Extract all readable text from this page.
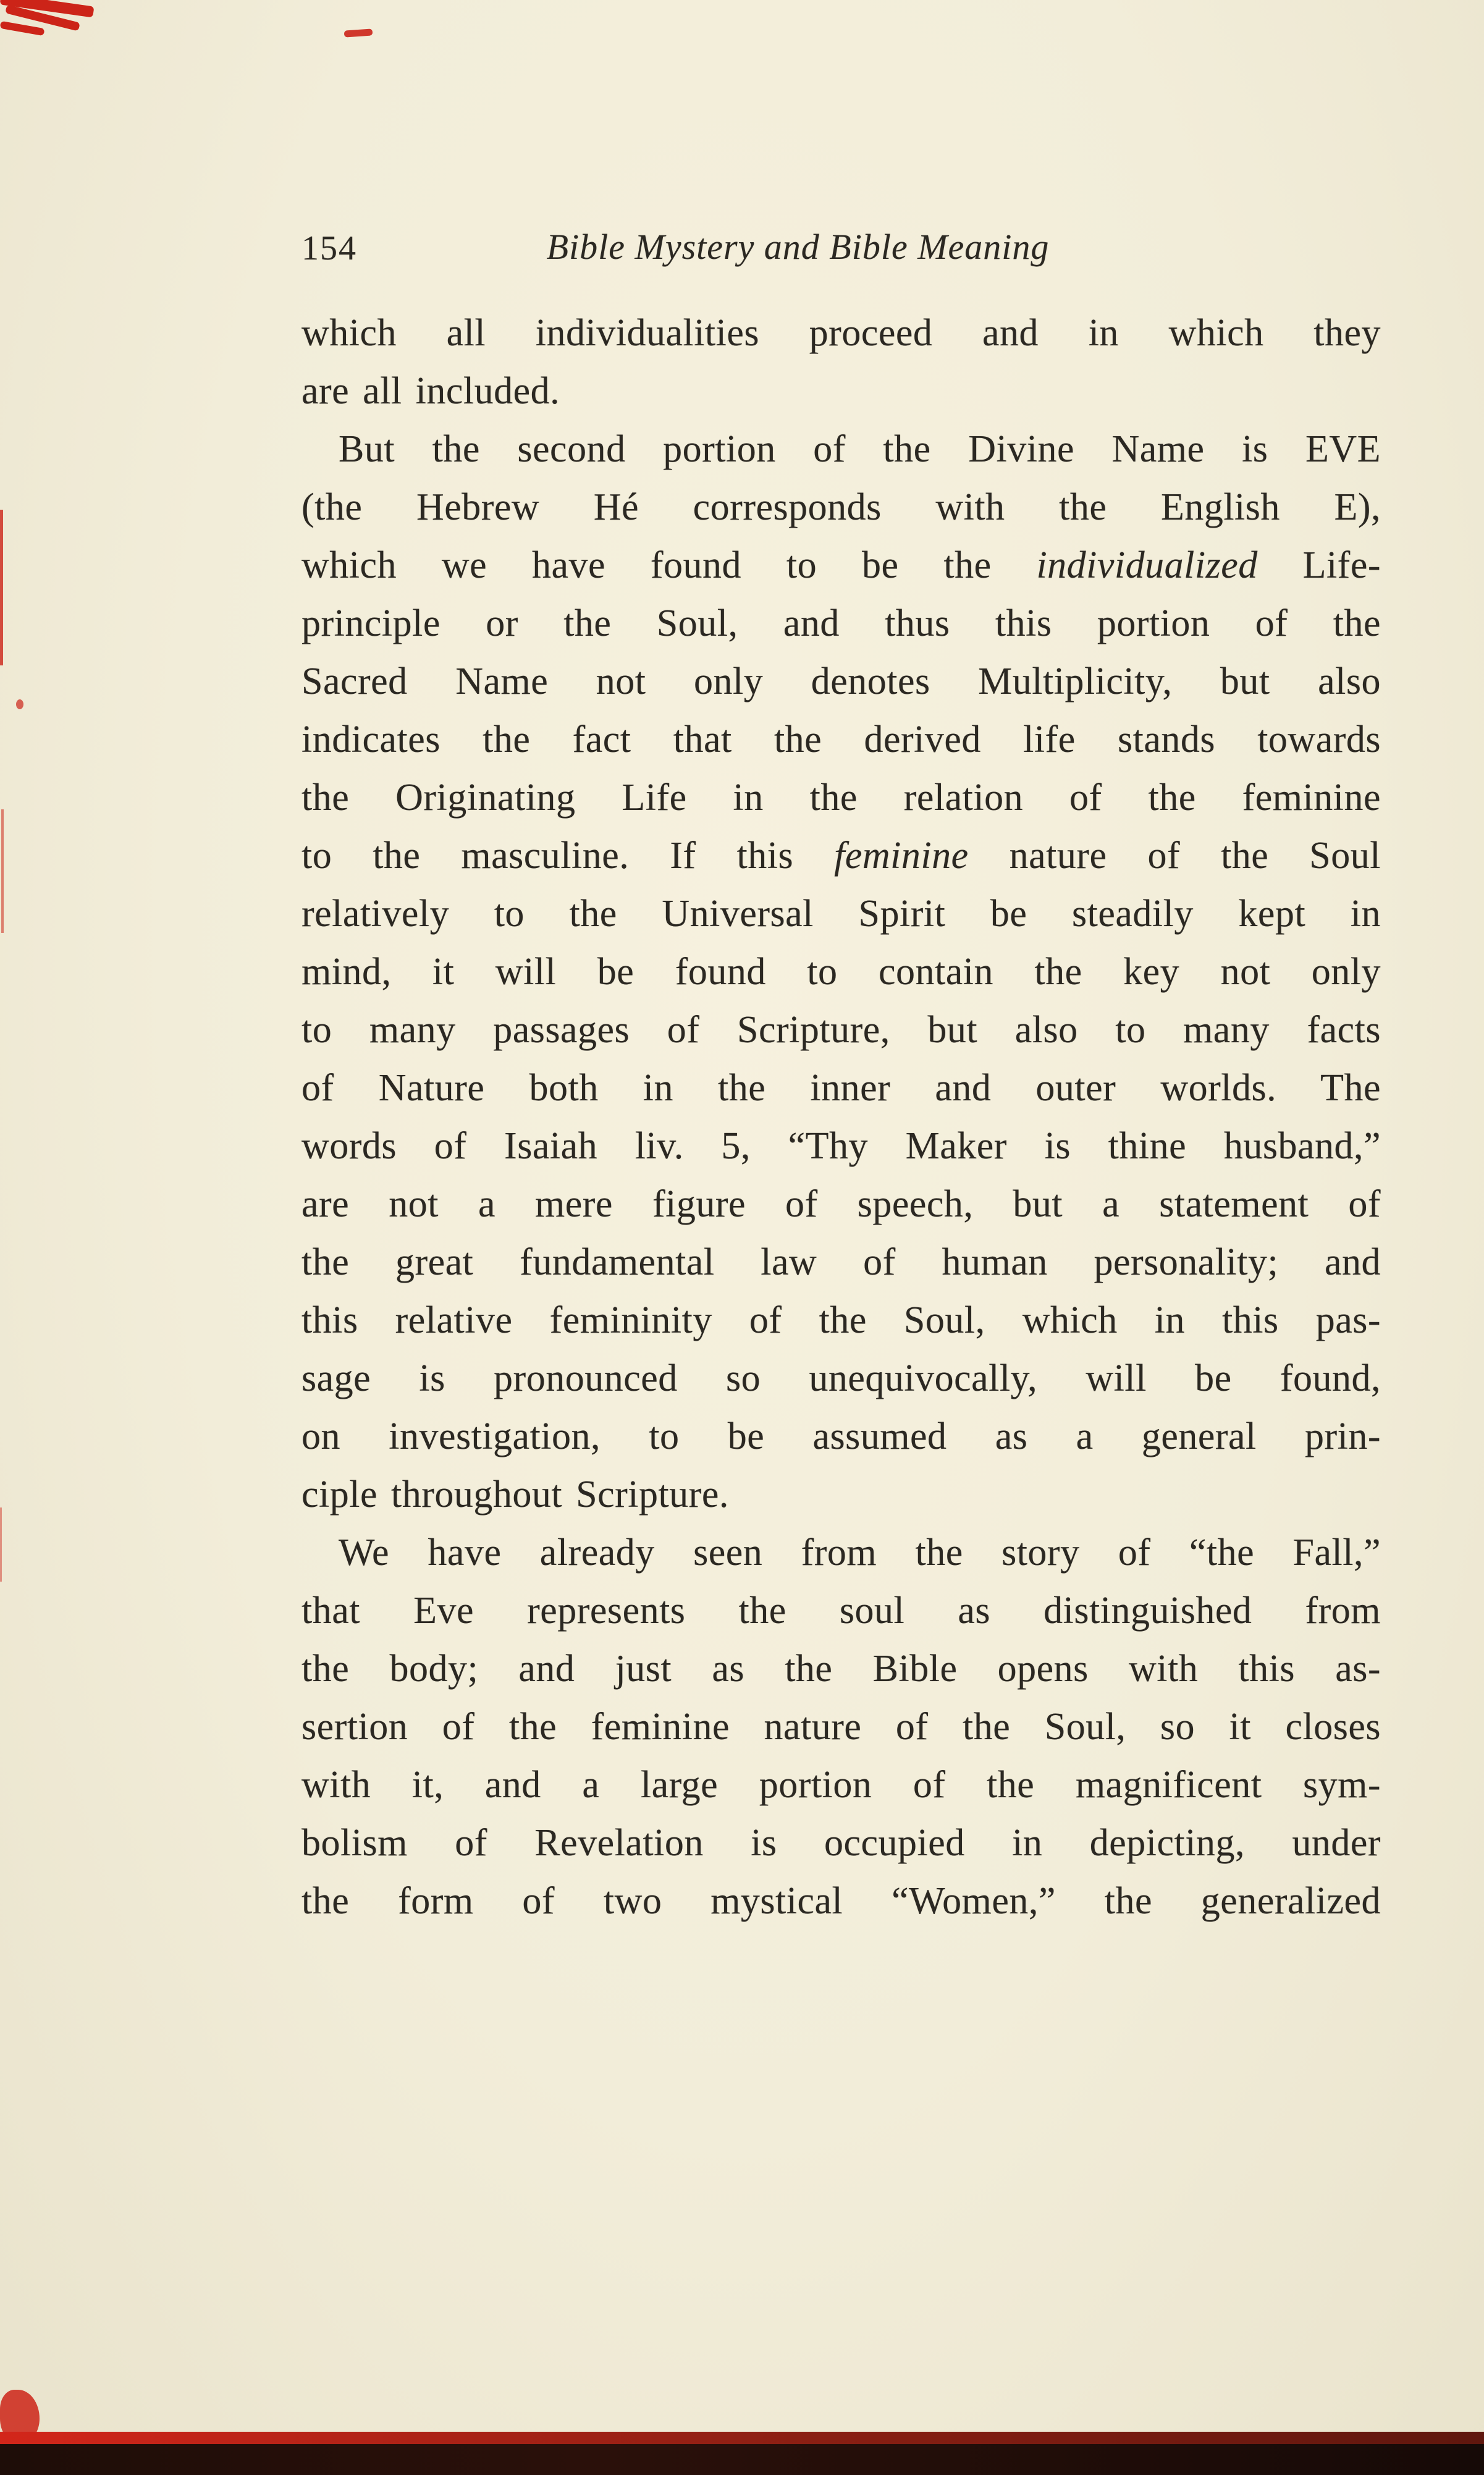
154	Bible Mystery and Bible Meaning
which all individualities proceed and in which they
are all included.
But the second portion of the Divine Name is EVE
(the Hebrew Hé corresponds with the English E),
which we have found to be the individualized Life-
principle or the Soul, and thus this portion of the
Sacred Name not only denotes Multiplicity, but also
indicates the fact that the derived life stands towards
the Originating Life in the relation of the feminine
to the masculine. If this feminine nature of the Soul
relatively to the Universal Spirit be steadily kept in
mind, it will be found to contain the key not only
to many passages of Scripture, but also to many facts
of Nature both in the inner and outer worlds. The
words of Isaiah liv. 5, “Thy Maker is thine husband,”
are not a mere figure of speech, but a statement of
the great fundamental law of human personality; and
this relative femininity of the Soul, which in this pas-
sage is pronounced so unequivocally, will be found,
on investigation, to be assumed as a general prin-
ciple throughout Scripture.
We have already seen from the story of “the Fall,”
that Eve represents the soul as distinguished from
the body; and just as the Bible opens with this as-
sertion of the feminine nature of the Soul, so it closes
with it, and a large portion of the magnificent sym-
bolism of Revelation is occupied in depicting, under
the form of two mystical “Women,” the generalized
